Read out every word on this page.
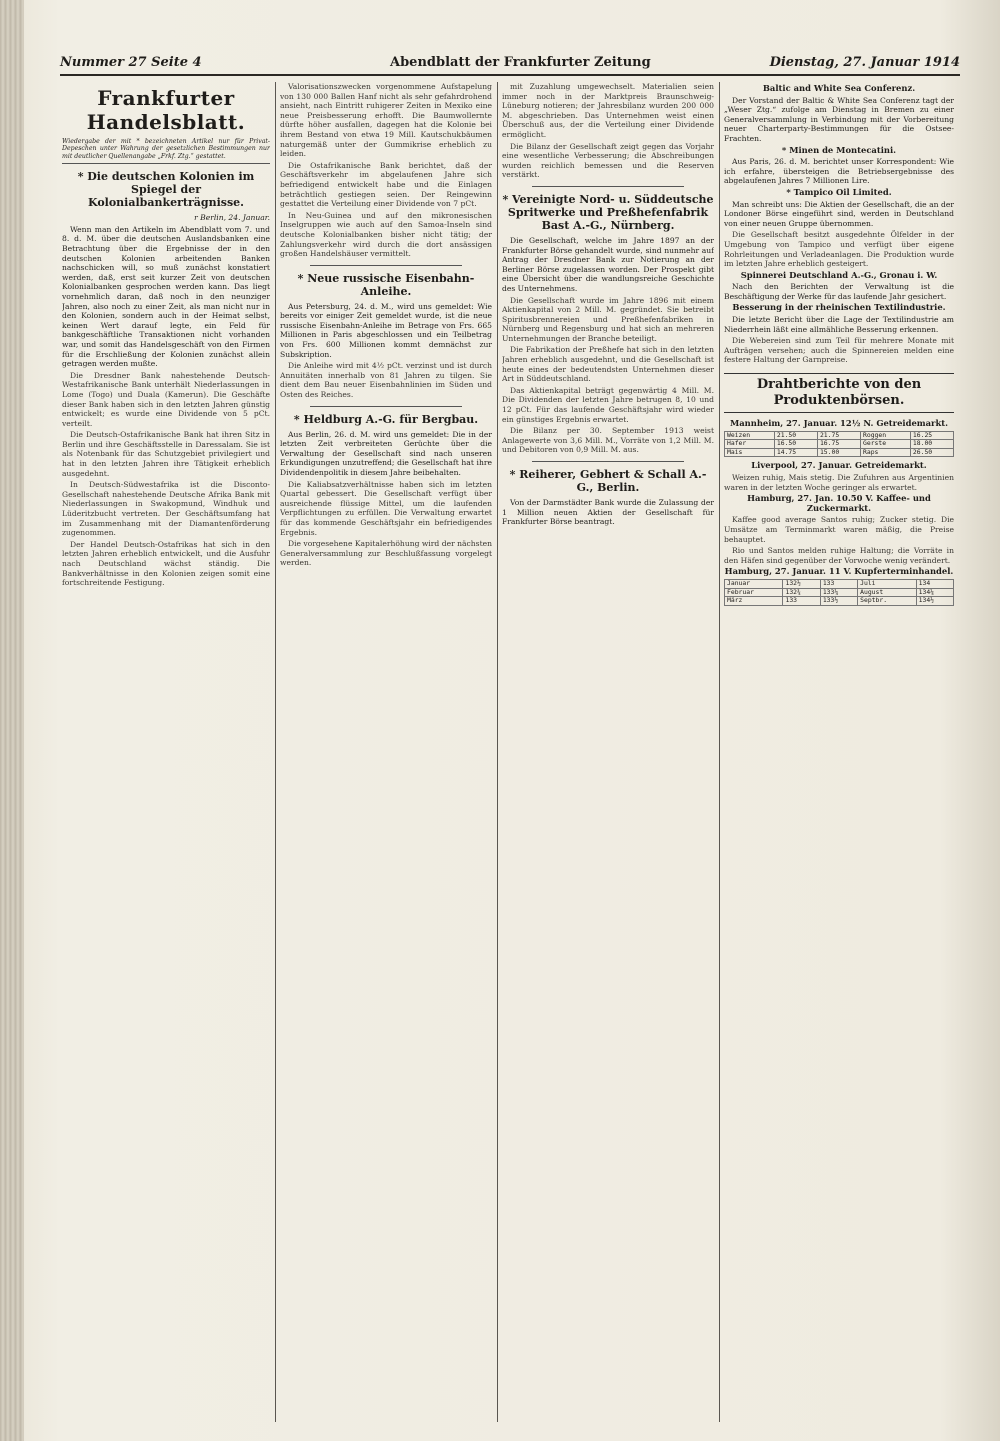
Nummer 27 Seite 4	Abendblatt der Frankfurter Zeitung	Dienstag, 27. Januar 1914
Frankfurter Handelsblatt.
Wiedergabe der mit * bezeichneten Artikel nur für Privat-Depeschen unter Wahrung der gesetzlichen Bestimmungen nur mit deutlicher Quellenangabe „Frkf. Ztg.“ gestattet.
* Die deutschen Kolonien im Spiegel der Kolonialbankerträgnisse.
r Berlin, 24. Januar.

Wenn man den Artikeln im Abendblatt vom 7. und 8. d. M. über die deutschen Auslandsbanken eine Betrachtung über die Ergebnisse der in den deutschen Kolonien arbeitenden Banken nachschicken will, so muß zunächst konstatiert werden, daß, erst seit kurzer Zeit von deutschen Kolonialbanken gesprochen werden kann. Das liegt vornehmlich daran, daß noch in den neunziger Jahren, also noch zu einer Zeit, als man nicht nur in den Kolonien, sondern auch in der Heimat selbst, keinen Wert darauf legte, ein Feld für bankgeschäftliche Transaktionen nicht vorhanden war, und somit das Handelsgeschäft von den Firmen für die Erschließung der Kolonien zunächst allein getragen werden mußte.

Die Dresdner Bank nahestehende Deutsch-Westafrikanische Bank unterhält Niederlassungen in Lome (Togo) und Duala (Kamerun). Die Geschäfte dieser Bank haben sich in den letzten Jahren günstig entwickelt; es wurde eine Dividende von 5 pCt. verteilt.

Die Deutsch-Ostafrikanische Bank hat ihren Sitz in Berlin und ihre Geschäftsstelle in Daressalam. Sie ist als Notenbank für das Schutzgebiet privilegiert und hat in den letzten Jahren ihre Tätigkeit erheblich ausgedehnt.

In Deutsch-Südwestafrika ist die Disconto-Gesellschaft nahestehende Deutsche Afrika Bank mit Niederlassungen in Swakopmund, Windhuk und Lüderitzbucht vertreten. Der Geschäftsumfang hat im Zusammenhang mit der Diamantenförderung zugenommen.

Der Handel Deutsch-Ostafrikas hat sich in den letzten Jahren erheblich entwickelt, und die Ausfuhr nach Deutschland wächst ständig. Die Bankverhältnisse in den Kolonien zeigen somit eine fortschreitende Festigung.

Valorisationszwecken vorgenommene Aufstapelung von 130 000 Ballen Hanf nicht als sehr gefahrdrohend ansieht, nach Eintritt ruhigerer Zeiten in Mexiko eine neue Preisbesserung erhofft. Die Baumwollernte dürfte höher ausfallen, dagegen hat die Kolonie bei ihrem Bestand von etwa 19 Mill. Kautschukbäumen naturgemäß unter der Gummikrise erheblich zu leiden.

Die Ostafrikanische Bank berichtet, daß der Geschäftsverkehr im abgelaufenen Jahre sich befriedigend entwickelt habe und die Einlagen beträchtlich gestiegen seien. Der Reingewinn gestattet die Verteilung einer Dividende von 7 pCt.

In Neu-Guinea und auf den mikronesischen Inselgruppen wie auch auf den Samoa-Inseln sind deutsche Kolonialbanken bisher nicht tätig; der Zahlungsverkehr wird durch die dort ansässigen großen Handelshäuser vermittelt.

* Neue russische Eisenbahn-Anleihe.

Aus Petersburg, 24. d. M., wird uns gemeldet: Wie bereits vor einiger Zeit gemeldet wurde, ist die neue russische Eisenbahn-Anleihe im Betrage von Frs. 665 Millionen in Paris abgeschlossen und ein Teilbetrag von Frs. 600 Millionen kommt demnächst zur Subskription.

Die Anleihe wird mit 4½ pCt. verzinst und ist durch Annuitäten innerhalb von 81 Jahren zu tilgen. Sie dient dem Bau neuer Eisenbahnlinien im Süden und Osten des Reiches.

* Heldburg A.-G. für Bergbau.

Aus Berlin, 26. d. M. wird uns gemeldet: Die in der letzten Zeit verbreiteten Gerüchte über die Verwaltung der Gesellschaft sind nach unseren Erkundigungen unzutreffend; die Gesellschaft hat ihre Dividendenpolitik in diesem Jahre beibehalten.

Die Kaliabsatzverhältnisse haben sich im letzten Quartal gebessert. Die Gesellschaft verfügt über ausreichende flüssige Mittel, um die laufenden Verpflichtungen zu erfüllen. Die Verwaltung erwartet für das kommende Geschäftsjahr ein befriedigendes Ergebnis.

Die vorgesehene Kapitalerhöhung wird der nächsten Generalversammlung zur Beschlußfassung vorgelegt werden.

mit Zuzahlung umgewechselt. Materialien seien immer noch in der Marktpreis Braunschweig-Lüneburg notieren; der Jahresbilanz wurden 200 000 M. abgeschrieben. Das Unternehmen weist einen Überschuß aus, der die Verteilung einer Dividende ermöglicht.

Die Bilanz der Gesellschaft zeigt gegen das Vorjahr eine wesentliche Verbesserung; die Abschreibungen wurden reichlich bemessen und die Reserven verstärkt.

* Vereinigte Nord- u. Süddeutsche Spritwerke und Preßhefenfabrik Bast A.-G., Nürnberg.

Die Gesellschaft, welche im Jahre 1897 an der Frankfurter Börse gehandelt wurde, sind nunmehr auf Antrag der Dresdner Bank zur Notierung an der Berliner Börse zugelassen worden. Der Prospekt gibt eine Übersicht über die wandlungsreiche Geschichte des Unternehmens.

Die Gesellschaft wurde im Jahre 1896 mit einem Aktienkapital von 2 Mill. M. gegründet. Sie betreibt Spiritusbrennereien und Preßhefenfabriken in Nürnberg und Regensburg und hat sich an mehreren Unternehmungen der Branche beteiligt.

Die Fabrikation der Preßhefe hat sich in den letzten Jahren erheblich ausgedehnt, und die Gesellschaft ist heute eines der bedeutendsten Unternehmen dieser Art in Süddeutschland.

Das Aktienkapital beträgt gegenwärtig 4 Mill. M. Die Dividenden der letzten Jahre betrugen 8, 10 und 12 pCt. Für das laufende Geschäftsjahr wird wieder ein günstiges Ergebnis erwartet.

Die Bilanz per 30. September 1913 weist Anlagewerte von 3,6 Mill. M., Vorräte von 1,2 Mill. M. und Debitoren von 0,9 Mill. M. aus.

* Reiherer, Gebhert & Schall A.-G., Berlin.

Von der Darmstädter Bank wurde die Zulassung der 1 Million neuen Aktien der Gesellschaft für Frankfurter Börse beantragt.

Baltic and White Sea Conferenz.

Der Vorstand der Baltic & White Sea Conferenz tagt der „Weser Ztg.“ zufolge am Dienstag in Bremen zu einer Generalversammlung in Verbindung mit der Vorbereitung neuer Charterparty-Bestimmungen für die Ostsee-Frachten.

* Minen de Montecatini.

Aus Paris, 26. d. M. berichtet unser Korrespondent: Wie ich erfahre, übersteigen die Betriebsergebnisse des abgelaufenen Jahres 7 Millionen Lire.

* Tampico Oil Limited.

Man schreibt uns: Die Aktien der Gesellschaft, die an der Londoner Börse eingeführt sind, werden in Deutschland von einer neuen Gruppe übernommen.

Die Gesellschaft besitzt ausgedehnte Ölfelder in der Umgebung von Tampico und verfügt über eigene Rohrleitungen und Verladeanlagen. Die Produktion wurde im letzten Jahre erheblich gesteigert.

Spinnerei Deutschland A.-G., Gronau i. W.

Nach den Berichten der Verwaltung ist die Beschäftigung der Werke für das laufende Jahr gesichert.

Besserung in der rheinischen Textilindustrie.

Die letzte Bericht über die Lage der Textilindustrie am Niederrhein läßt eine allmähliche Besserung erkennen.

Die Webereien sind zum Teil für mehrere Monate mit Aufträgen versehen; auch die Spinnereien melden eine festere Haltung der Garnpreise.

Drahtberichte von den Produktenbörsen.
Mannheim, 27. Januar. 12½ N. Getreidemarkt.
Weizen	21.50	21.75	Roggen	16.25
Hafer	16.50	16.75	Gerste	18.00
Mais	14.75	15.00	Raps	26.50
Liverpool, 27. Januar. Getreidemarkt.

Weizen ruhig, Mais stetig. Die Zufuhren aus Argentinien waren in der letzten Woche geringer als erwartet.

Hamburg, 27. Jan. 10.50 V. Kaffee- und Zuckermarkt.

Kaffee good average Santos ruhig; Zucker stetig. Die Umsätze am Terminmarkt waren mäßig, die Preise behauptet.

Rio und Santos melden ruhige Haltung; die Vorräte in den Häfen sind gegenüber der Vorwoche wenig verändert.

Hamburg, 27. Januar. 11 V. Kupferterminhandel.
Januar	132½	133	Juli	134
Februar	132¾	133¼	August	134¼
März	133	133½	Septbr.	134½
